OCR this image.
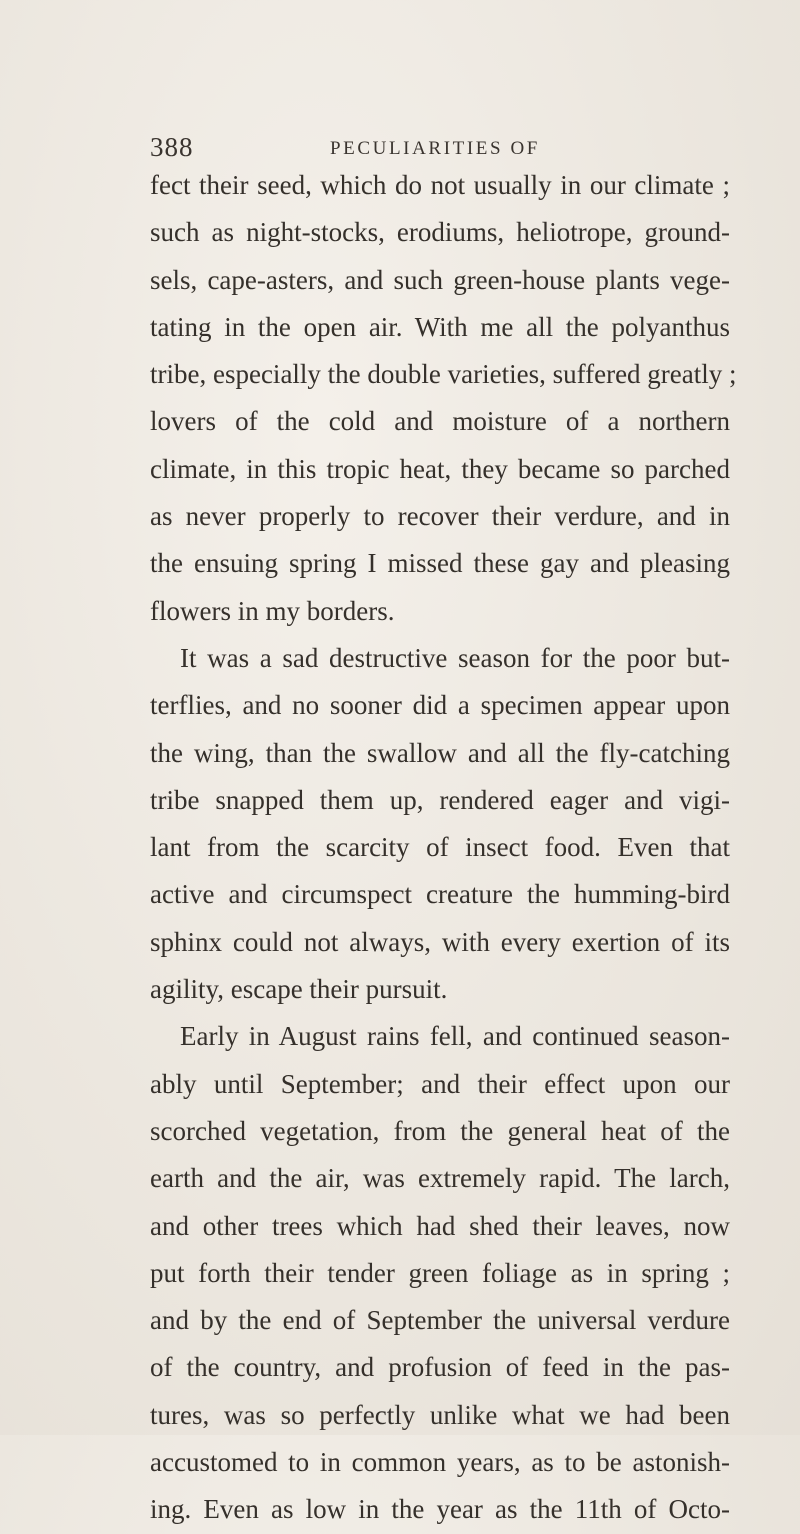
388	PECULIARITIES OF
fect their seed, which do not usually in our climate ;
such as night-stocks, erodiums, heliotrope, ground-
sels, cape-asters, and such green-house plants vege-
tating in the open air. With me all the polyanthus
tribe, especially the double varieties, suffered greatly ;
lovers of the cold and moisture of a northern
climate, in this tropic heat, they became so parched
as never properly to recover their verdure, and in
the ensuing spring I missed these gay and pleasing
flowers in my borders.
It was a sad destructive season for the poor but-
terflies, and no sooner did a specimen appear upon
the wing, than the swallow and all the fly-catching
tribe snapped them up, rendered eager and vigi-
lant from the scarcity of insect food. Even that
active and circumspect creature the humming-bird
sphinx could not always, with every exertion of its
agility, escape their pursuit.
Early in August rains fell, and continued season-
ably until September; and their effect upon our
scorched vegetation, from the general heat of the
earth and the air, was extremely rapid. The larch,
and other trees which had shed their leaves, now
put forth their tender green foliage as in spring ;
and by the end of September the universal verdure
of the country, and profusion of feed in the pas-
tures, was so perfectly unlike what we had been
accustomed to in common years, as to be astonish-
ing. Even as low in the year as the 11th of Octo-
